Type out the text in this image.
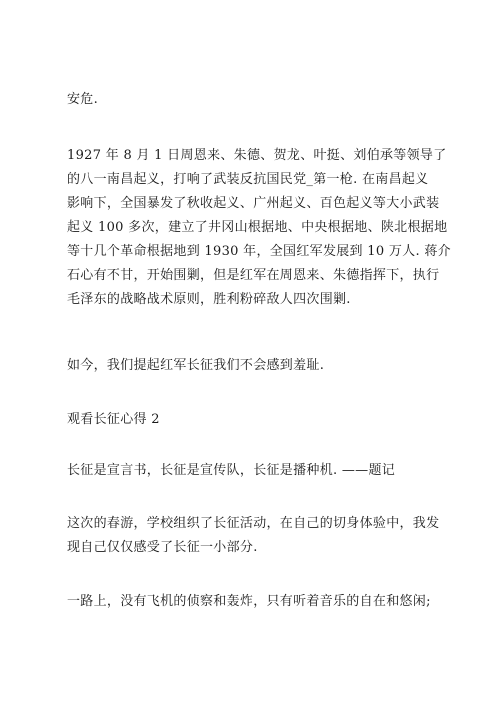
安危.

1927 年 8 月 1 日周恩来、朱德、贺龙、叶挺、刘伯承等领导了
的八一南昌起义，打响了武装反抗国民党_第一枪. 在南昌起义
影响下，全国暴发了秋收起义、广州起义、百色起义等大小武装
起义 100 多次，建立了井冈山根据地、中央根据地、陕北根据地
等十几个革命根据地到 1930 年，全国红军发展到 10 万人. 蒋介
石心有不甘，开始围剿，但是红军在周恩来、朱德指挥下，执行
毛泽东的战略战术原则，胜利粉碎敌人四次围剿.

如今，我们提起红军长征我们不会感到羞耻.

观看长征心得 2

长征是宣言书，长征是宣传队，长征是播种机. ——题记

这次的春游，学校组织了长征活动，在自己的切身体验中，我发
现自己仅仅感受了长征一小部分.

一路上，没有飞机的侦察和轰炸，只有听着音乐的自在和悠闲;
